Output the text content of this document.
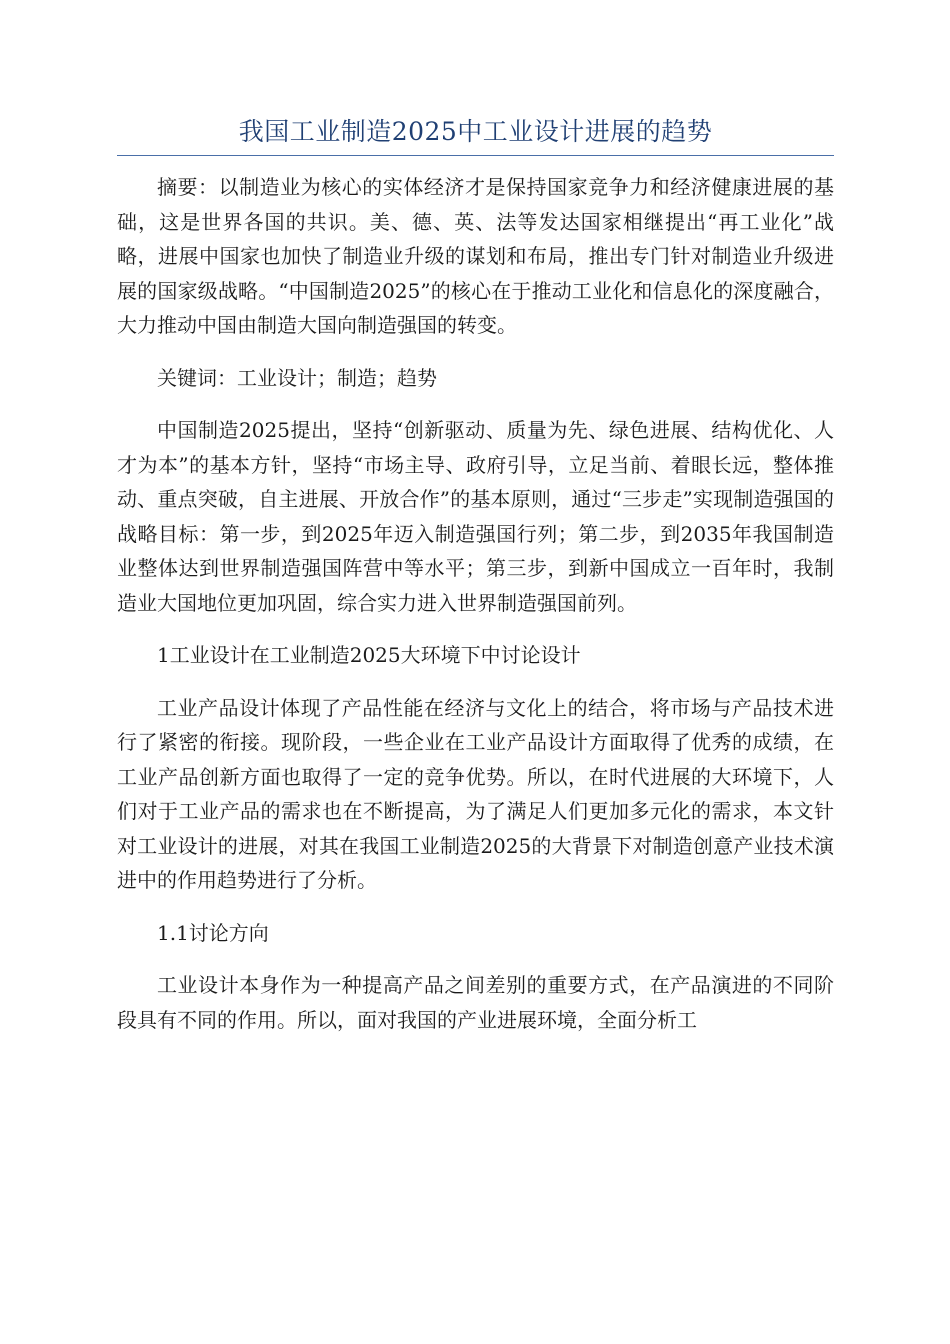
我国工业制造2025中工业设计进展的趋势

摘要：以制造业为核心的实体经济才是保持国家竞争力和经济健康进展的基础，这是世界各国的共识。美、德、英、法等发达国家相继提出“再工业化”战略，进展中国家也加快了制造业升级的谋划和布局，推出专门针对制造业升级进展的国家级战略。“中国制造2025”的核心在于推动工业化和信息化的深度融合，大力推动中国由制造大国向制造强国的转变。

关键词：工业设计；制造；趋势

中国制造2025提出，坚持“创新驱动、质量为先、绿色进展、结构优化、人才为本”的基本方针，坚持“市场主导、政府引导，立足当前、着眼长远，整体推动、重点突破，自主进展、开放合作”的基本原则，通过“三步走”实现制造强国的战略目标：第一步，到2025年迈入制造强国行列；第二步，到2035年我国制造业整体达到世界制造强国阵营中等水平；第三步，到新中国成立一百年时，我制造业大国地位更加巩固，综合实力进入世界制造强国前列。

1工业设计在工业制造2025大环境下中讨论设计

工业产品设计体现了产品性能在经济与文化上的结合，将市场与产品技术进行了紧密的衔接。现阶段，一些企业在工业产品设计方面取得了优秀的成绩，在工业产品创新方面也取得了一定的竞争优势。所以，在时代进展的大环境下，人们对于工业产品的需求也在不断提高，为了满足人们更加多元化的需求，本文针对工业设计的进展，对其在我国工业制造2025的大背景下对制造创意产业技术演进中的作用趋势进行了分析。

1.1讨论方向

工业设计本身作为一种提高产品之间差别的重要方式，在产品演进的不同阶段具有不同的作用。所以，面对我国的产业进展环境，全面分析工
